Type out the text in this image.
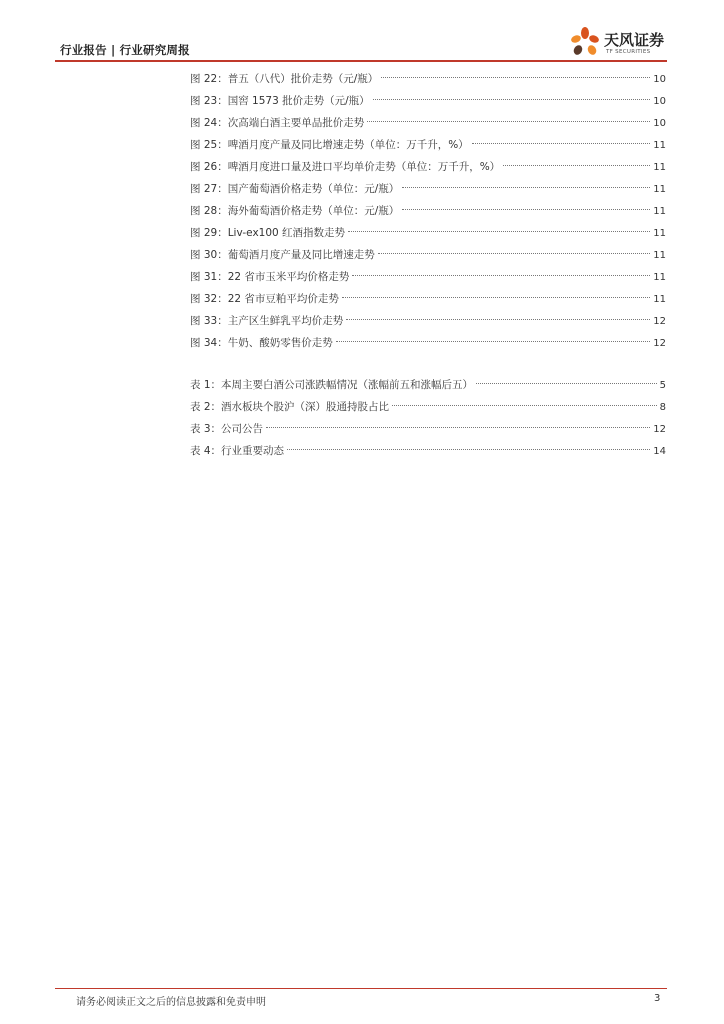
行业报告 | 行业研究周报
天风证券
TF SECURITIES
图 22：普五（八代）批价走势（元/瓶）	10
图 23：国窖 1573 批价走势（元/瓶）	10
图 24：次高端白酒主要单品批价走势	10
图 25：啤酒月度产量及同比增速走势（单位：万千升，%）	11
图 26：啤酒月度进口量及进口平均单价走势（单位：万千升，%）	11
图 27：国产葡萄酒价格走势（单位：元/瓶）	11
图 28：海外葡萄酒价格走势（单位：元/瓶）	11
图 29：Liv-ex100 红酒指数走势	11
图 30：葡萄酒月度产量及同比增速走势	11
图 31：22 省市玉米平均价格走势	11
图 32：22 省市豆粕平均价走势	11
图 33：主产区生鲜乳平均价走势	12
图 34：牛奶、酸奶零售价走势	12
表 1：本周主要白酒公司涨跌幅情况（涨幅前五和涨幅后五）	5
表 2：酒水板块个股沪（深）股通持股占比	8
表 3：公司公告	12
表 4：行业重要动态	14
请务必阅读正文之后的信息披露和免责申明	3
